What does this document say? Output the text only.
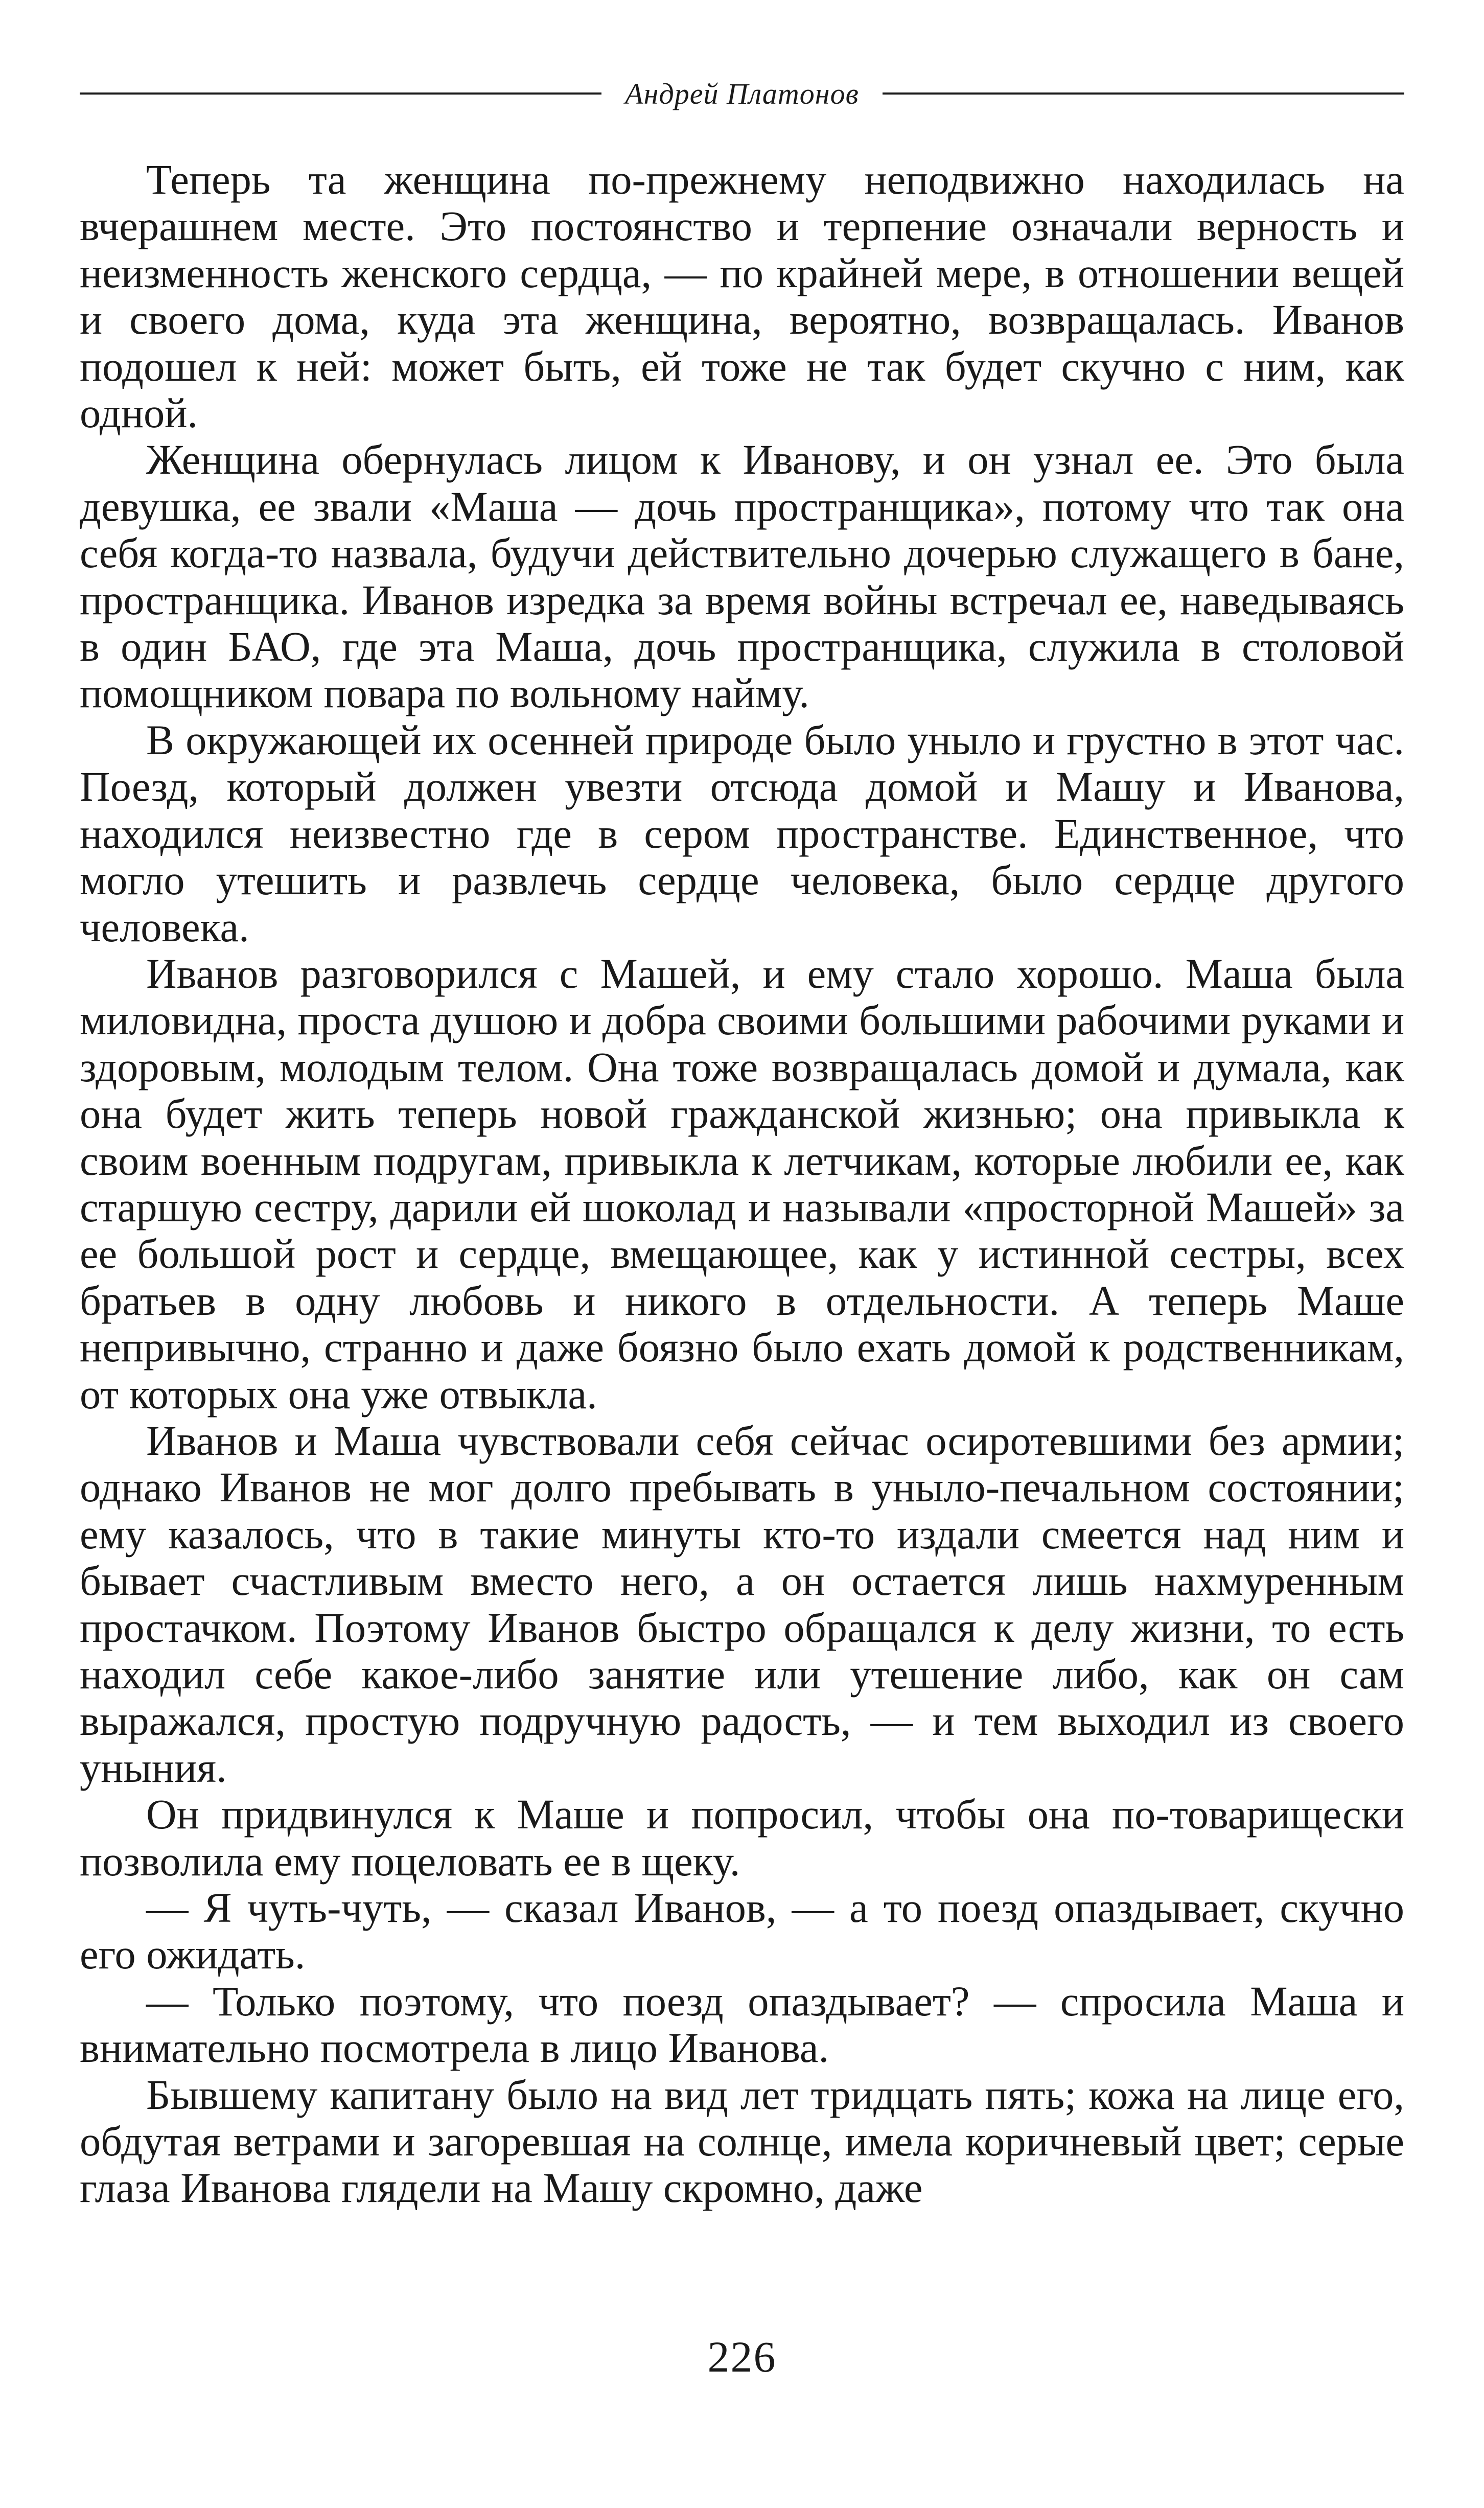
Андрей Платонов

Теперь та женщина по-прежнему неподвижно находилась на вчерашнем месте. Это постоянство и терпение означали верность и неизменность женского сердца, — по крайней мере, в отношении вещей и своего дома, куда эта женщина, вероятно, возвращалась. Иванов подошел к ней: может быть, ей тоже не так будет скучно с ним, как одной.

Женщина обернулась лицом к Иванову, и он узнал ее. Это была девушка, ее звали «Маша — дочь пространщика», потому что так она себя когда-то назвала, будучи действительно дочерью служащего в бане, пространщика. Иванов изредка за время войны встречал ее, наведываясь в один БАО, где эта Маша, дочь пространщика, служила в столовой помощником повара по вольному найму.

В окружающей их осенней природе было уныло и грустно в этот час. Поезд, который должен увезти отсюда домой и Машу и Иванова, находился неизвестно где в сером пространстве. Единственное, что могло утешить и развлечь сердце человека, было сердце другого человека.

Иванов разговорился с Машей, и ему стало хорошо. Маша была миловидна, проста душою и добра своими большими рабочими руками и здоровым, молодым телом. Она тоже возвращалась домой и думала, как она будет жить теперь новой гражданской жизнью; она привыкла к своим военным подругам, привыкла к летчикам, которые любили ее, как старшую сестру, дарили ей шоколад и называли «просторной Машей» за ее большой рост и сердце, вмещающее, как у истинной сестры, всех братьев в одну любовь и никого в отдельности. А теперь Маше непривычно, странно и даже боязно было ехать домой к родственникам, от которых она уже отвыкла.

Иванов и Маша чувствовали себя сейчас осиротевшими без армии; однако Иванов не мог долго пребывать в уныло-печальном состоянии; ему казалось, что в такие минуты кто-то издали смеется над ним и бывает счастливым вместо него, а он остается лишь нахмуренным простачком. Поэтому Иванов быстро обращался к делу жизни, то есть находил себе какое-либо занятие или утешение либо, как он сам выражался, простую подручную радость, — и тем выходил из своего уныния.

Он придвинулся к Маше и попросил, чтобы она по-товарищески позволила ему поцеловать ее в щеку.

— Я чуть-чуть, — сказал Иванов, — а то поезд опаздывает, скучно его ожидать.

— Только поэтому, что поезд опаздывает? — спросила Маша и внимательно посмотрела в лицо Иванова.

Бывшему капитану было на вид лет тридцать пять; кожа на лице его, обдутая ветрами и загоревшая на солнце, имела коричневый цвет; серые глаза Иванова глядели на Машу скромно, даже

226
